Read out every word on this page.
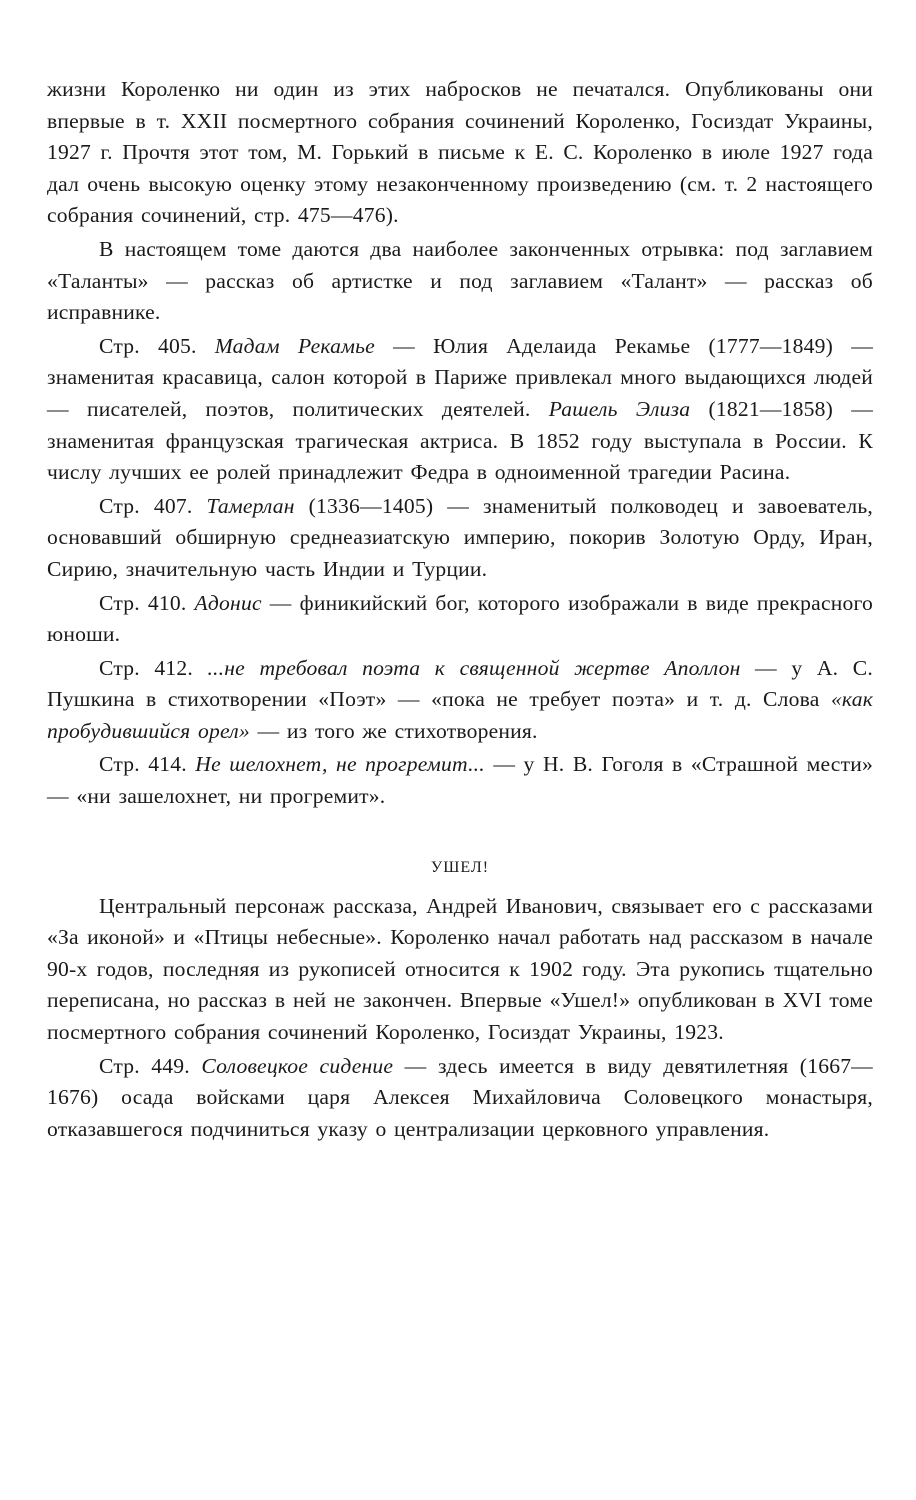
жизни Короленко ни один из этих набросков не печатался. Опубликованы они впервые в т. XXII посмертного собрания сочинений Короленко, Госиздат Украины, 1927 г. Прочтя этот том, М. Горький в письме к Е. С. Короленко в июле 1927 года дал очень высокую оценку этому незаконченному произведению (см. т. 2 настоящего собрания сочинений, стр. 475—476).

В настоящем томе даются два наиболее законченных отрывка: под заглавием «Таланты» — рассказ об артистке и под заглавием «Талант» — рассказ об исправнике.

Стр. 405. Мадам Рекамье — Юлия Аделаида Рекамье (1777—1849) — знаменитая красавица, салон которой в Париже привлекал много выдающихся людей — писателей, поэтов, политических деятелей. Рашель Элиза (1821—1858) — знаменитая французская трагическая актриса. В 1852 году выступала в России. К числу лучших ее ролей принадлежит Федра в одноименной трагедии Расина.

Стр. 407. Тамерлан (1336—1405) — знаменитый полководец и завоеватель, основавший обширную среднеазиатскую империю, покорив Золотую Орду, Иран, Сирию, значительную часть Индии и Турции.

Стр. 410. Адонис — финикийский бог, которого изображали в виде прекрасного юноши.

Стр. 412. ...не требовал поэта к священной жертве Аполлон — у А. С. Пушкина в стихотворении «Поэт» — «пока не требует поэта» и т. д. Слова «как пробудившийся орел» — из того же стихотворения.

Стр. 414. Не шелохнет, не прогремит... — у Н. В. Гоголя в «Страшной мести» — «ни зашелохнет, ни прогремит».

УШЕЛ!

Центральный персонаж рассказа, Андрей Иванович, связывает его с рассказами «За иконой» и «Птицы небесные». Короленко начал работать над рассказом в начале 90-х годов, последняя из рукописей относится к 1902 году. Эта рукопись тщательно переписана, но рассказ в ней не закончен. Впервые «Ушел!» опубликован в XVI томе посмертного собрания сочинений Короленко, Госиздат Украины, 1923.

Стр. 449. Соловецкое сидение — здесь имеется в виду девятилетняя (1667—1676) осада войсками царя Алексея Михайловича Соловецкого монастыря, отказавшегося подчиниться указу о централизации церковного управления.
